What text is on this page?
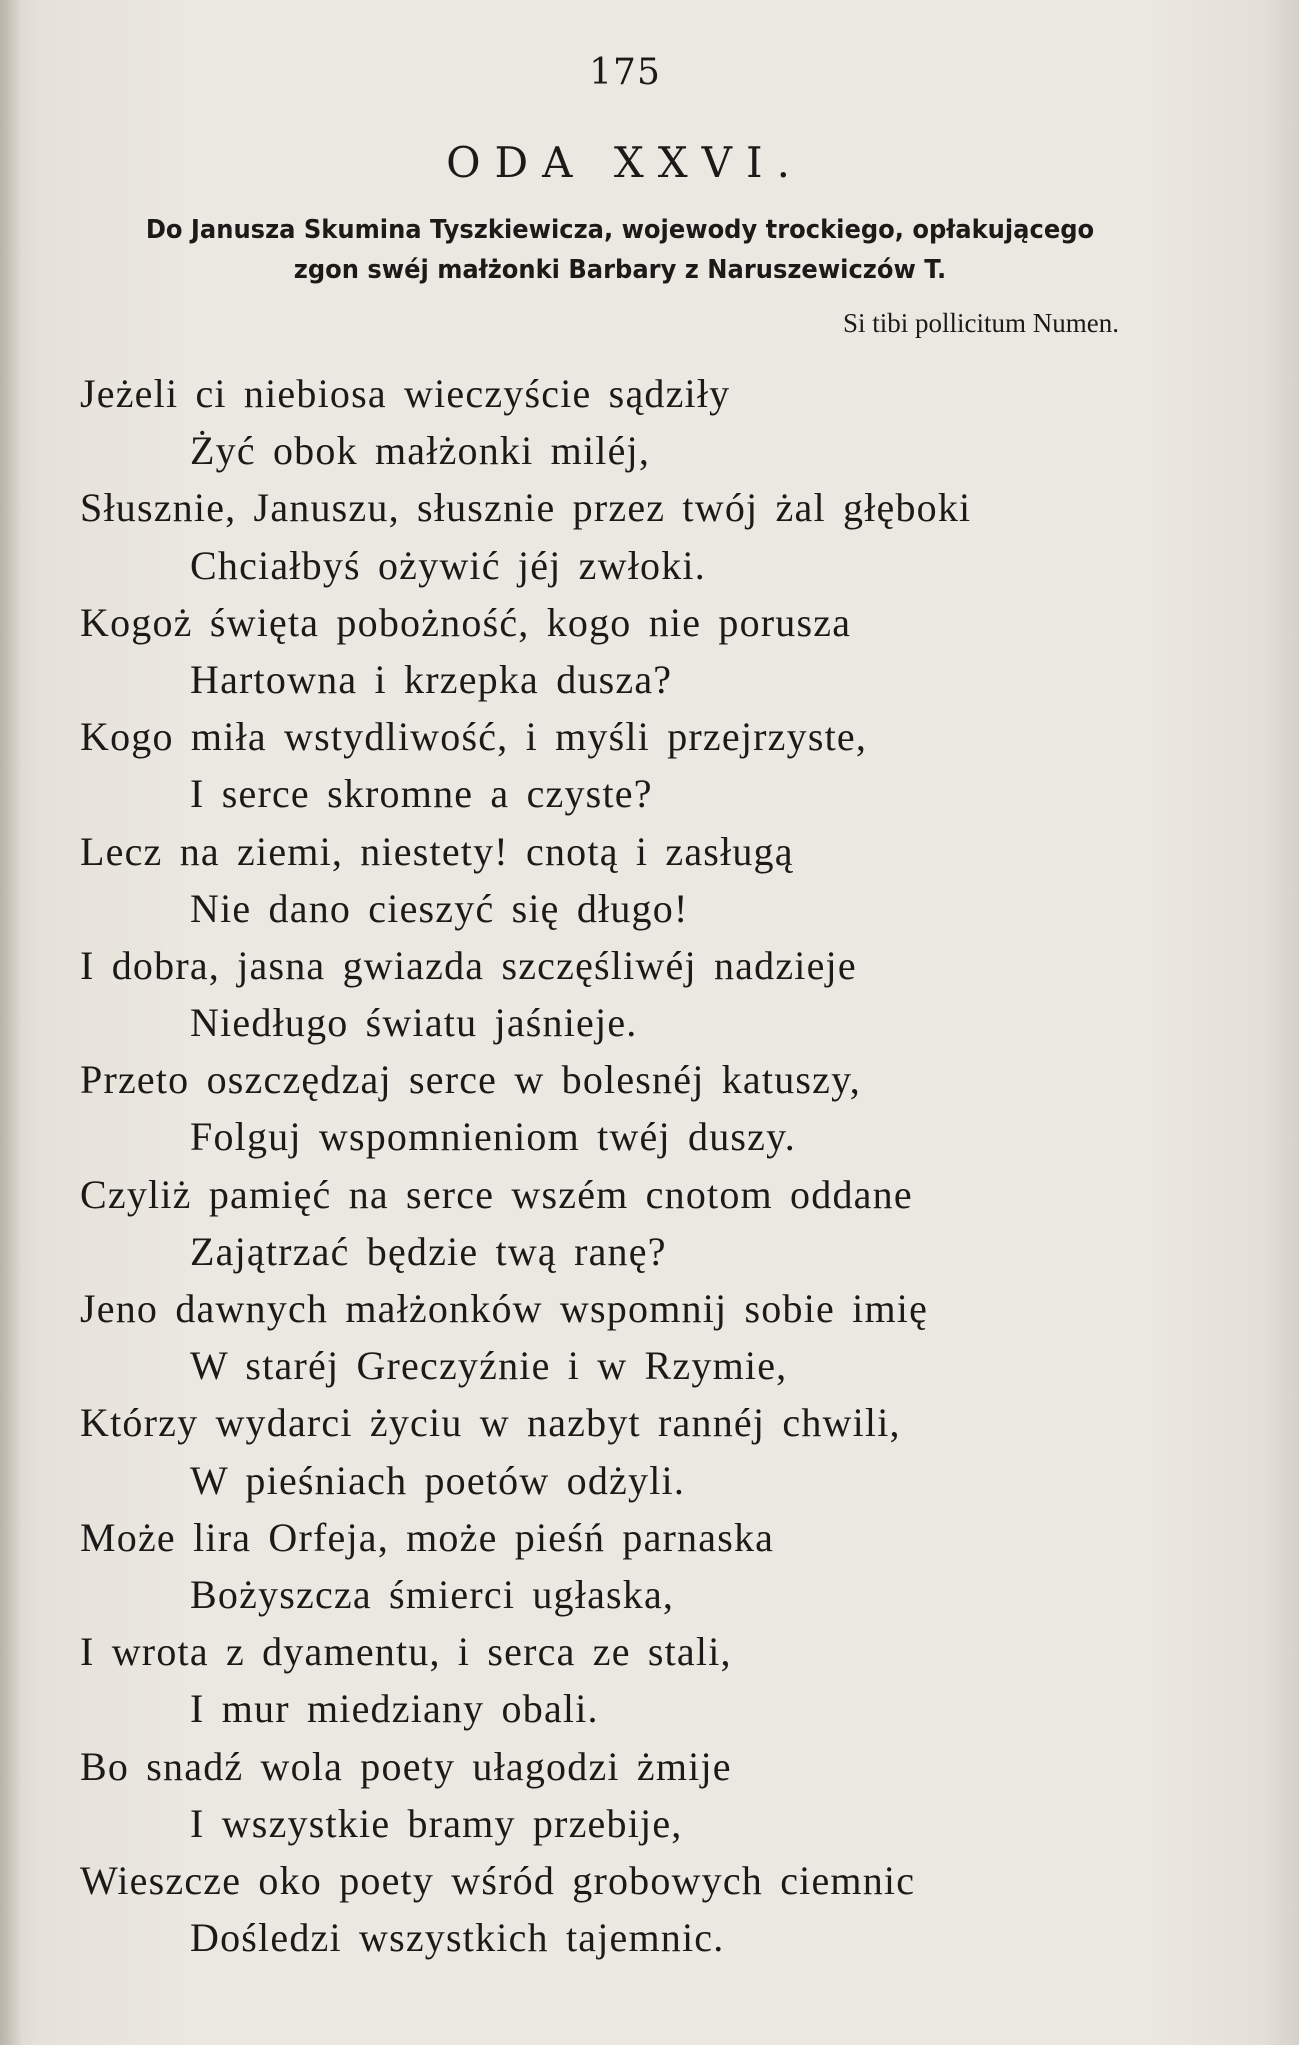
175
ODA XXVI.
Do Janusza Skumina Tyszkiewicza, wojewody trockiego, opłakującego
zgon swéj małżonki Barbary z Naruszewiczów T.
Si tibi pollicitum Numen.
Jeżeli ci niebiosa wieczyście sądziły
Żyć obok małżonki miléj,
Słusznie, Januszu, słusznie przez twój żal głęboki
Chciałbyś ożywić jéj zwłoki.
Kogoż święta pobożność, kogo nie porusza
Hartowna i krzepka dusza?
Kogo miła wstydliwość, i myśli przejrzyste,
I serce skromne a czyste?
Lecz na ziemi, niestety! cnotą i zasługą
Nie dano cieszyć się długo!
I dobra, jasna gwiazda szczęśliwéj nadzieje
Niedługo światu jaśnieje.
Przeto oszczędzaj serce w bolesnéj katuszy,
Folguj wspomnieniom twéj duszy.
Czyliż pamięć na serce wszém cnotom oddane
Zajątrzać będzie twą ranę?
Jeno dawnych małżonków wspomnij sobie imię
W staréj Greczyźnie i w Rzymie,
Którzy wydarci życiu w nazbyt rannéj chwili,
W pieśniach poetów odżyli.
Może lira Orfeja, może pieśń parnaska
Bożyszcza śmierci ugłaska,
I wrota z dyamentu, i serca ze stali,
I mur miedziany obali.
Bo snadź wola poety ułagodzi żmije
I wszystkie bramy przebije,
Wieszcze oko poety wśród grobowych ciemnic
Dośledzi wszystkich tajemnic.
